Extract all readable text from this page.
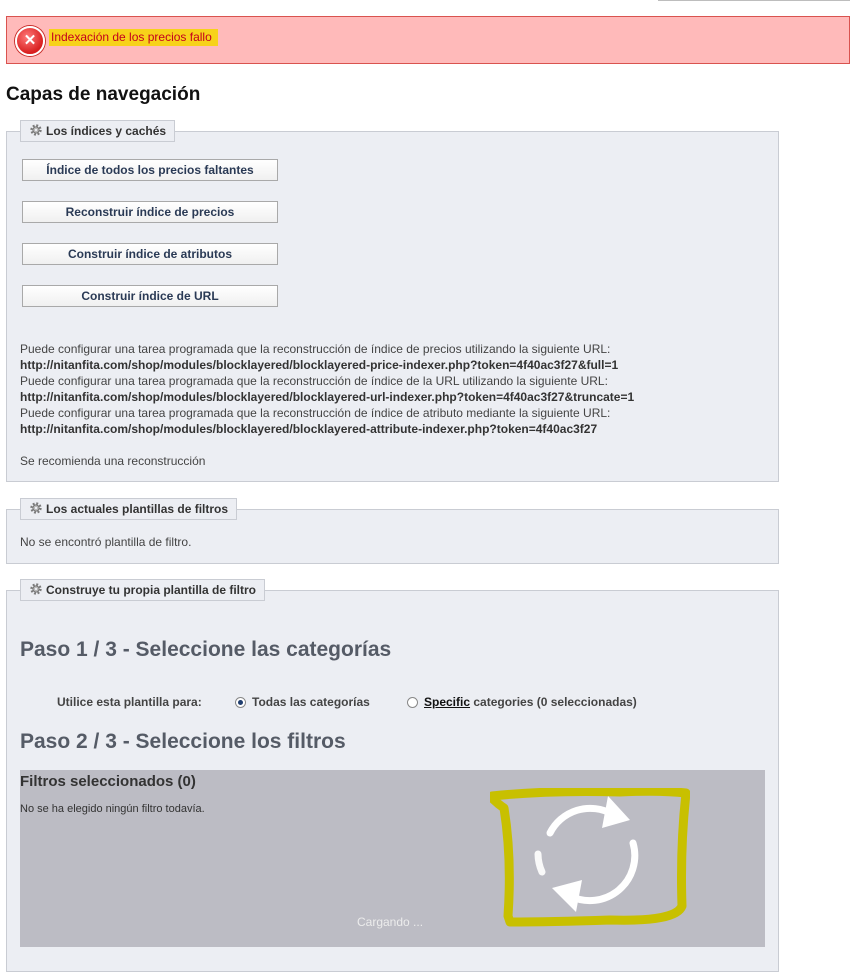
✕	Indexación de los precios fallo
Capas de navegación
Los índices y cachés
Índice de todos los precios faltantes
Reconstruir índice de precios
Construir índice de atributos
Construir índice de URL
Puede configurar una tarea programada que la reconstrucción de índice de precios utilizando la siguiente URL:
http://nitanfita.com/shop/modules/blocklayered/blocklayered-price-indexer.php?token=4f40ac3f27&full=1
Puede configurar una tarea programada que la reconstrucción de índice de la URL utilizando la siguiente URL:
http://nitanfita.com/shop/modules/blocklayered/blocklayered-url-indexer.php?token=4f40ac3f27&truncate=1
Puede configurar una tarea programada que la reconstrucción de índice de atributo mediante la siguiente URL:
http://nitanfita.com/shop/modules/blocklayered/blocklayered-attribute-indexer.php?token=4f40ac3f27
Se recomienda una reconstrucción
Los actuales plantillas de filtros
No se encontró plantilla de filtro.
Construye tu propia plantilla de filtro
Paso 1 / 3 - Seleccione las categorías
Utilice esta plantilla para:	Todas las categorías	Specific categories (0 seleccionadas)
Paso 2 / 3 - Seleccione los filtros
Filtros seleccionados (0)
No se ha elegido ningún filtro todavía.
Cargando ...
